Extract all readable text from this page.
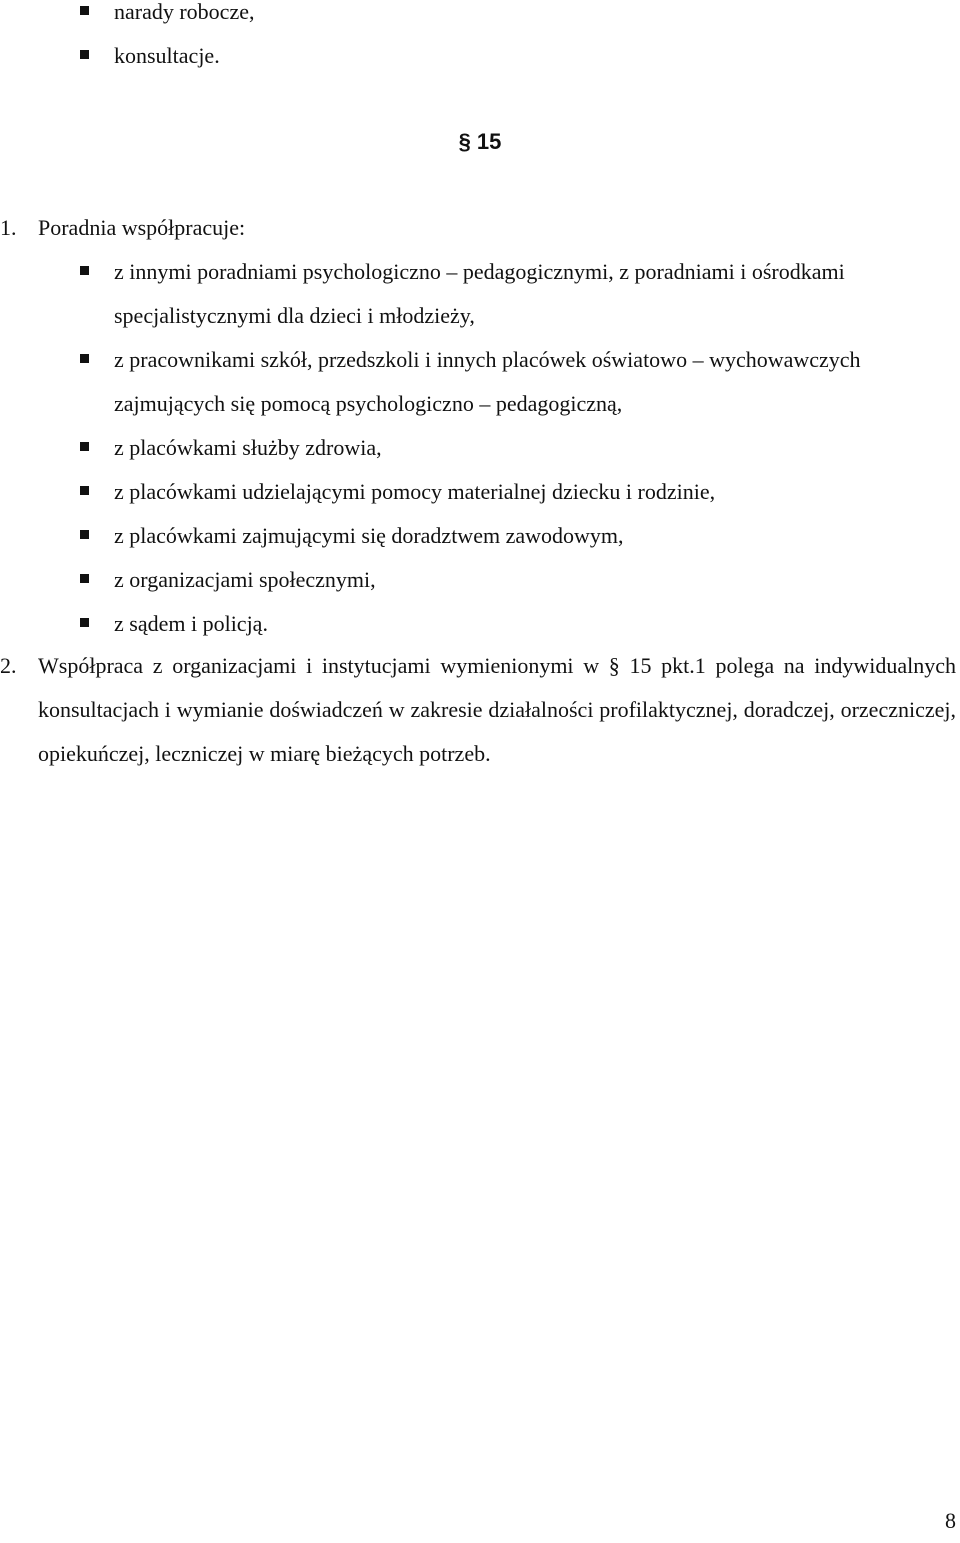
narady robocze,
konsultacje.
§ 15
1. Poradnia współpracuje:
z innymi poradniami psychologiczno – pedagogicznymi, z poradniami i ośrodkami specjalistycznymi dla dzieci i młodzieży,
z pracownikami szkół, przedszkoli i innych placówek oświatowo – wychowawczych zajmujących się pomocą psychologiczno – pedagogiczną,
z placówkami służby zdrowia,
z placówkami udzielającymi pomocy materialnej dziecku i rodzinie,
z placówkami zajmującymi się doradztwem zawodowym,
z organizacjami społecznymi,
z sądem i policją.
2. Współpraca z organizacjami i instytucjami wymienionymi w § 15 pkt.1 polega na indywidualnych konsultacjach i wymianie doświadczeń w zakresie działalności profilaktycznej, doradczej, orzeczniczej, opiekuńczej, leczniczej w miarę bieżących potrzeb.
8
